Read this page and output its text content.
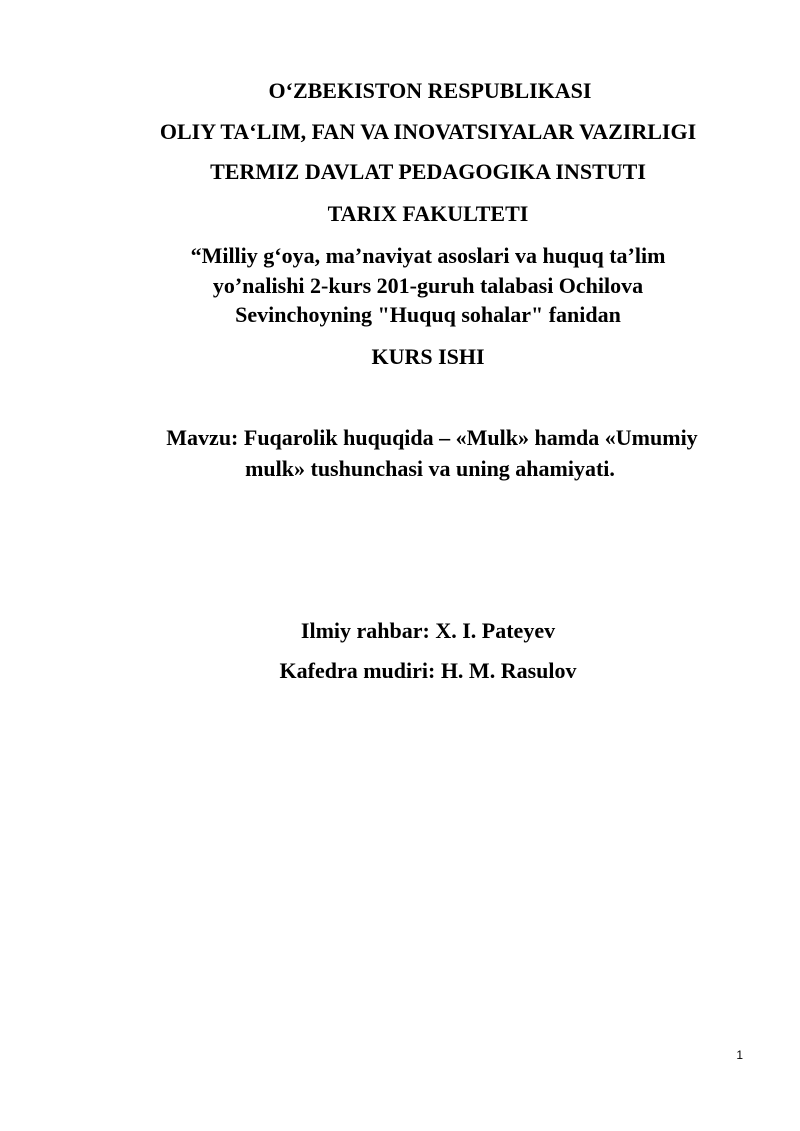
O‘ZBEKISTON RESPUBLIKASI
OLIY TA‘LIM, FAN VA INOVATSIYALAR VAZIRLIGI
TERMIZ DAVLAT PEDAGOGIKA INSTUTI
TARIX FAKULTETI
“Milliy g‘oya, ma’naviyat asoslari va huquq ta’lim
yo’nalishi 2-kurs 201-guruh talabasi Ochilova
Sevinchoyning "Huquq sohalar" fanidan
KURS ISHI
Mavzu: Fuqarolik huquqida – «Mulk» hamda «Umumiy
mulk» tushunchasi va uning ahamiyati.
Ilmiy rahbar: X. I. Pateyev
Kafedra mudiri: H. M. Rasulov
1
